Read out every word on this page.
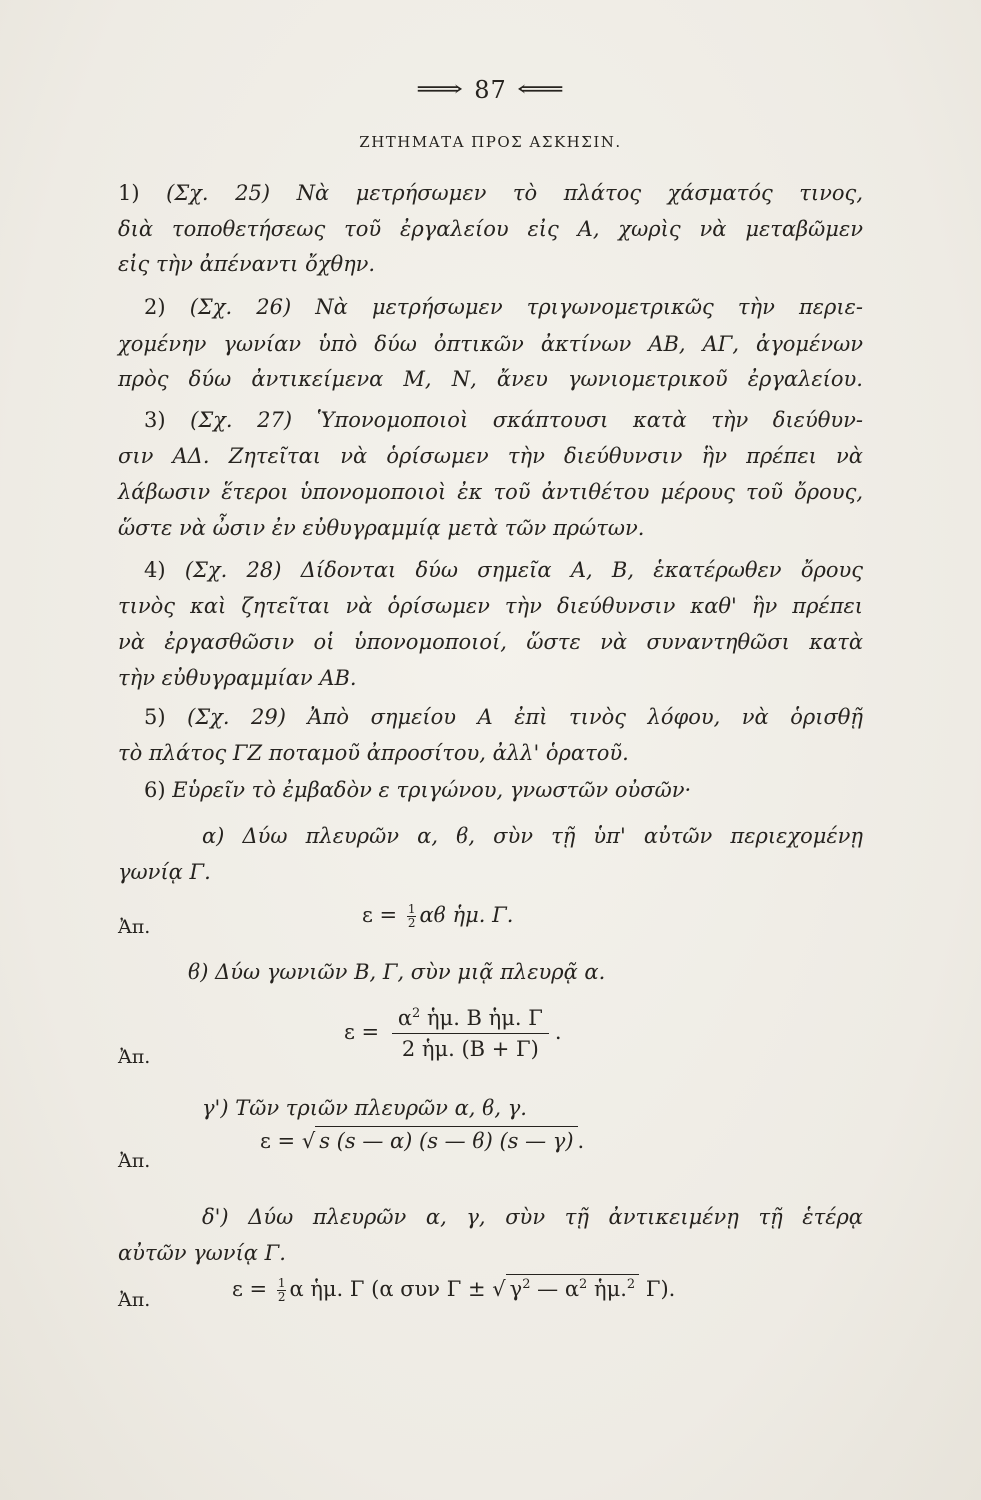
⟹ 87 ⟸
ΖΗΤΗΜΑΤΑ ΠΡΟΣ ΑΣΚΗΣΙΝ.
1) (Σχ. 25) Νὰ μετρήσωμεν τὸ πλάτος χάσματός τινος,
διὰ τοποθετήσεως τοῦ ἐργαλείου εἰς Α, χωρὶς νὰ μεταβῶμεν
εἰς τὴν ἀπέναντι ὄχθην.
2) (Σχ. 26) Νὰ μετρήσωμεν τριγωνομετρικῶς τὴν περιε-
χομένην γωνίαν ὑπὸ δύω ὀπτικῶν ἀκτίνων ΑΒ, ΑΓ, ἀγομένων
πρὸς δύω ἀντικείμενα Μ, Ν, ἄνευ γωνιομετρικοῦ ἐργαλείου.
3) (Σχ. 27) Ὑπονομοποιοὶ σκάπτουσι κατὰ τὴν διεύθυν-
σιν ΑΔ. Ζητεῖται νὰ ὁρίσωμεν τὴν διεύθυνσιν ἣν πρέπει νὰ
λάβωσιν ἕτεροι ὑπονομοποιοὶ ἐκ τοῦ ἀντιθέτου μέρους τοῦ ὄρους,
ὥστε νὰ ὦσιν ἐν εὐθυγραμμίᾳ μετὰ τῶν πρώτων.
4) (Σχ. 28) Δίδονται δύω σημεῖα Α, Β, ἑκατέρωθεν ὄρους
τινὸς καὶ ζητεῖται νὰ ὁρίσωμεν τὴν διεύθυνσιν καθ' ἣν πρέπει
νὰ ἐργασθῶσιν οἱ ὑπονομοποιοί, ὥστε νὰ συναντηθῶσι κατὰ
τὴν εὐθυγραμμίαν ΑΒ.
5) (Σχ. 29) Ἀπὸ σημείου Α ἐπὶ τινὸς λόφου, νὰ ὁρισθῇ
τὸ πλάτος ΓΖ ποταμοῦ ἀπροσίτου, ἀλλ' ὁρατοῦ.
6) Εὑρεῖν τὸ ἐμβαδὸν ε τριγώνου, γνωστῶν οὐσῶν·
α) Δύω πλευρῶν α, ϐ, σὺν τῇ ὑπ' αὐτῶν περιεχομένῃ
γωνίᾳ Γ.
Ἀπ.	$\varepsilon = \frac{1}{2}$ αϐ ἡμ. Γ.
ϐ) Δύω γωνιῶν Β, Γ, σὺν μιᾷ πλευρᾷ α.
Ἀπ.
$\varepsilon = \frac{\alpha^2 ἡ\mu. B ἡ\mu. \Gamma}{\text{2 ἡμ. (Β + Γ)}}$ .
γ') Τῶν τριῶν πλευρῶν α, ϐ, γ.
Ἀπ.
ε = √ s (s — α) (s — ϐ) (s — γ) .
δ') Δύω πλευρῶν α, γ, σὺν τῇ ἀντικειμένῃ τῇ ἑτέρᾳ
αὐτῶν γωνίᾳ Γ.
Ἀπ.	$\varepsilon = \frac{1}{2}$ α ἡμ. Γ (α συν Γ ± √ $\gamma^2$ — $\alpha^2$ ἡμ.$^2$ Γ).
